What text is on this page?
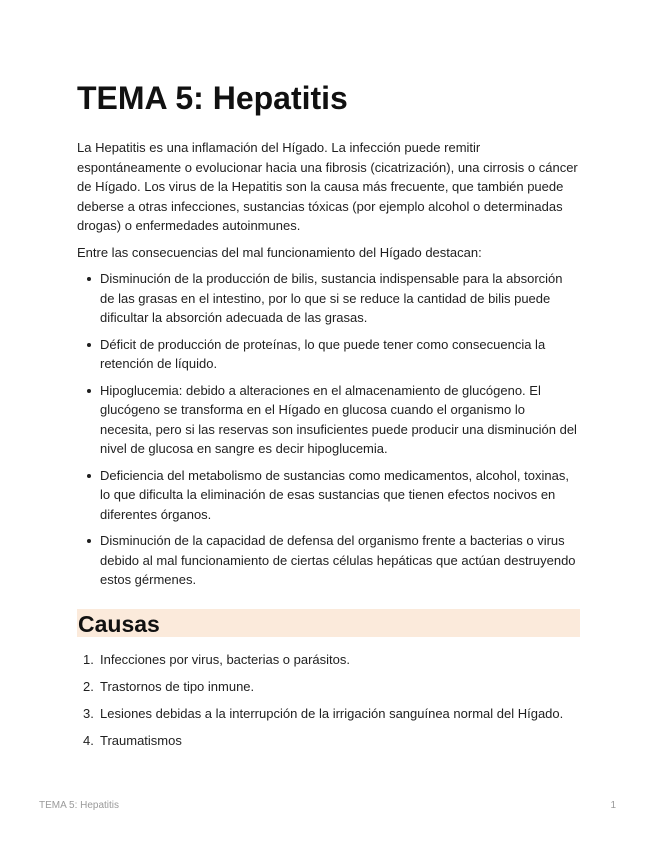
TEMA 5: Hepatitis

La Hepatitis es una inflamación del Hígado. La infección puede remitir espontáneamente o evolucionar hacia una fibrosis (cicatrización), una cirrosis o cáncer de Hígado. Los virus de la Hepatitis son la causa más frecuente, que también puede deberse a otras infecciones, sustancias tóxicas (por ejemplo alcohol o determinadas drogas) o enfermedades autoinmunes.

Entre las consecuencias del mal funcionamiento del Hígado destacan:

Disminución de la producción de bilis, sustancia indispensable para la absorción de las grasas en el intestino, por lo que si se reduce la cantidad de bilis puede dificultar la absorción adecuada de las grasas.
Déficit de producción de proteínas, lo que puede tener como consecuencia la retención de líquido.
Hipoglucemia: debido a alteraciones en el almacenamiento de glucógeno. El glucógeno se transforma en el Hígado en glucosa cuando el organismo lo necesita, pero si las reservas son insuficientes puede producir una disminución del nivel de glucosa en sangre es decir hipoglucemia.
Deficiencia del metabolismo de sustancias como medicamentos, alcohol, toxinas, lo que dificulta la eliminación de esas sustancias que tienen efectos nocivos en diferentes órganos.
Disminución de la capacidad de defensa del organismo frente a bacterias o virus debido al mal funcionamiento de ciertas células hepáticas que actúan destruyendo estos gérmenes.
Causas
1. Infecciones por virus, bacterias o parásitos.
2. Trastornos de tipo inmune.
3. Lesiones debidas a la interrupción de la irrigación sanguínea normal del Hígado.
4. Traumatismos
TEMA 5: Hepatitis	1
